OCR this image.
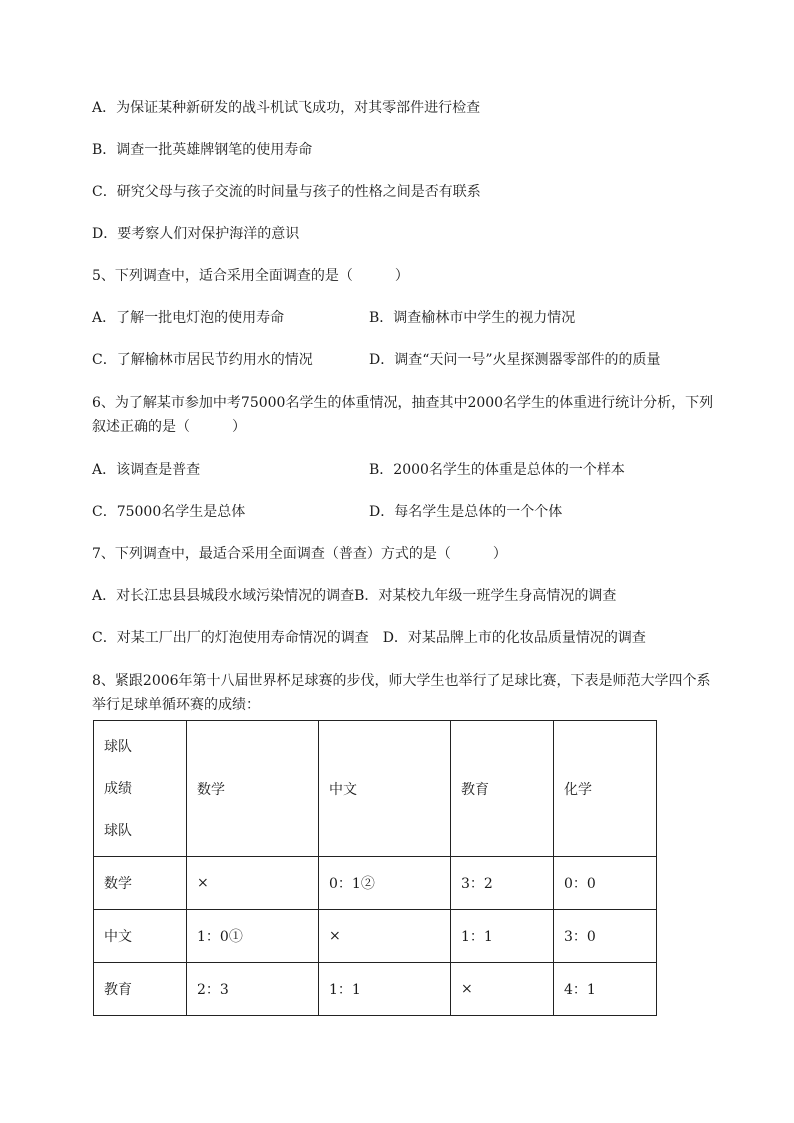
A．为保证某种新研发的战斗机试飞成功，对其零部件进行检查
B．调查一批英雄牌钢笔的使用寿命
C．研究父母与孩子交流的时间量与孩子的性格之间是否有联系
D．要考察人们对保护海洋的意识
5、下列调查中，适合采用全面调查的是（　　　）
A．了解一批电灯泡的使用寿命	B．调查榆林市中学生的视力情况
C．了解榆林市居民节约用水的情况	D．调查“天问一号”火星探测器零部件的的质量
6、为了解某市参加中考75000名学生的体重情况，抽查其中2000名学生的体重进行统计分析，下列
叙述正确的是（　　　）
A．该调查是普查	B．2000名学生的体重是总体的一个样本
C．75000名学生是总体	D．每名学生是总体的一个个体
7、下列调查中，最适合采用全面调查（普查）方式的是（　　　）
A．对长江忠县县城段水域污染情况的调查B．对某校九年级一班学生身高情况的调查
C．对某工厂出厂的灯泡使用寿命情况的调查　D．对某品牌上市的化妆品质量情况的调查
8、紧跟2006年第十八届世界杯足球赛的步伐，师大学生也举行了足球比赛，下表是师范大学四个系
举行足球单循环赛的成绩：
球队
成绩
球队	数学	中文	教育	化学
数学	×	0：1②	3：2	0：0
中文	1：0①	×	1：1	3：0
教育	2：3	1：1	×	4：1
